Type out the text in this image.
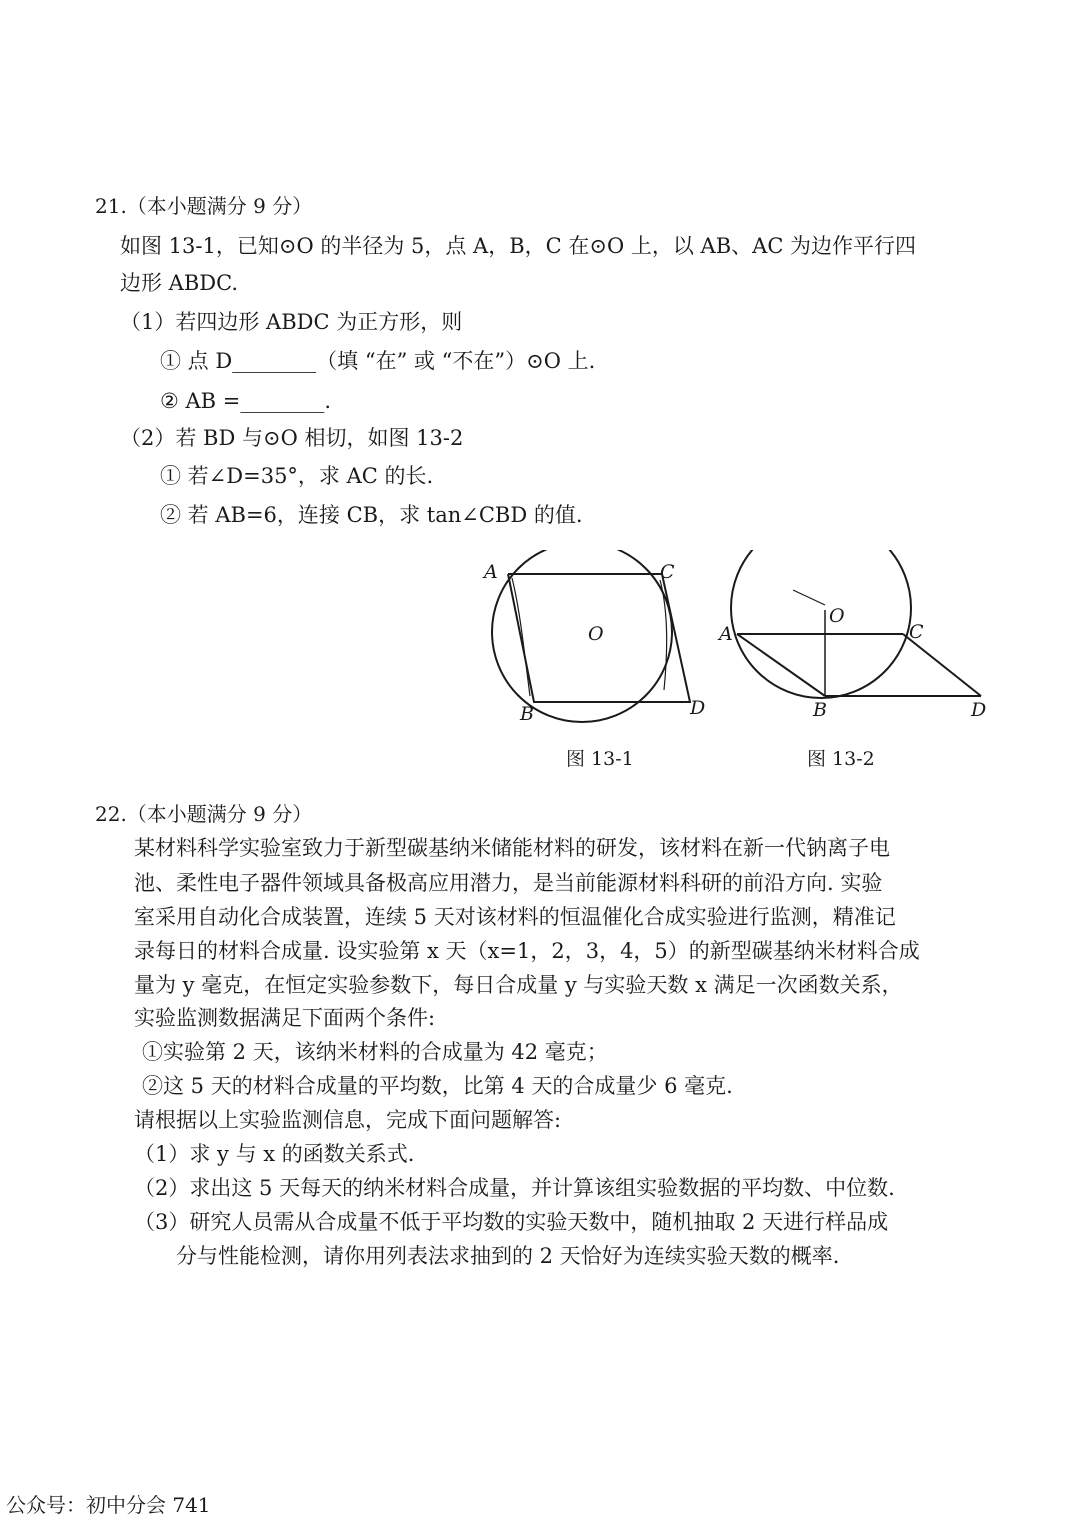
21.（本小题满分 9 分）
如图 13-1，已知⊙O 的半径为 5，点 A，B，C 在⊙O 上，以 AB、AC 为边作平行四
边形 ABDC.
（1）若四边形 ABDC 为正方形，则
① 点 D________（填 “在” 或 “不在”）⊙O 上.
② AB =________.
（2）若 BD 与⊙O 相切，如图 13-2
① 若∠D=35°，求 AC 的长.
② 若 AB=6，连接 CB，求 tan∠CBD 的值.
A	C
O
B	D
A	C
O
B	D
图 13-1	图 13-2
22.（本小题满分 9 分）
某材料科学实验室致力于新型碳基纳米储能材料的研发，该材料在新一代钠离子电
池、柔性电子器件领域具备极高应用潜力，是当前能源材料科研的前沿方向. 实验
室采用自动化合成装置，连续 5 天对该材料的恒温催化合成实验进行监测，精准记
录每日的材料合成量. 设实验第 x 天（x=1，2，3，4，5）的新型碳基纳米材料合成
量为 y 毫克，在恒定实验参数下，每日合成量 y 与实验天数 x 满足一次函数关系，
实验监测数据满足下面两个条件:
①实验第 2 天，该纳米材料的合成量为 42 毫克；
②这 5 天的材料合成量的平均数，比第 4 天的合成量少 6 毫克.
请根据以上实验监测信息，完成下面问题解答:
（1）求 y 与 x 的函数关系式.
（2）求出这 5 天每天的纳米材料合成量，并计算该组实验数据的平均数、中位数.
（3）研究人员需从合成量不低于平均数的实验天数中，随机抽取 2 天进行样品成
分与性能检测，请你用列表法求抽到的 2 天恰好为连续实验天数的概率.
公众号：初中分会 741
